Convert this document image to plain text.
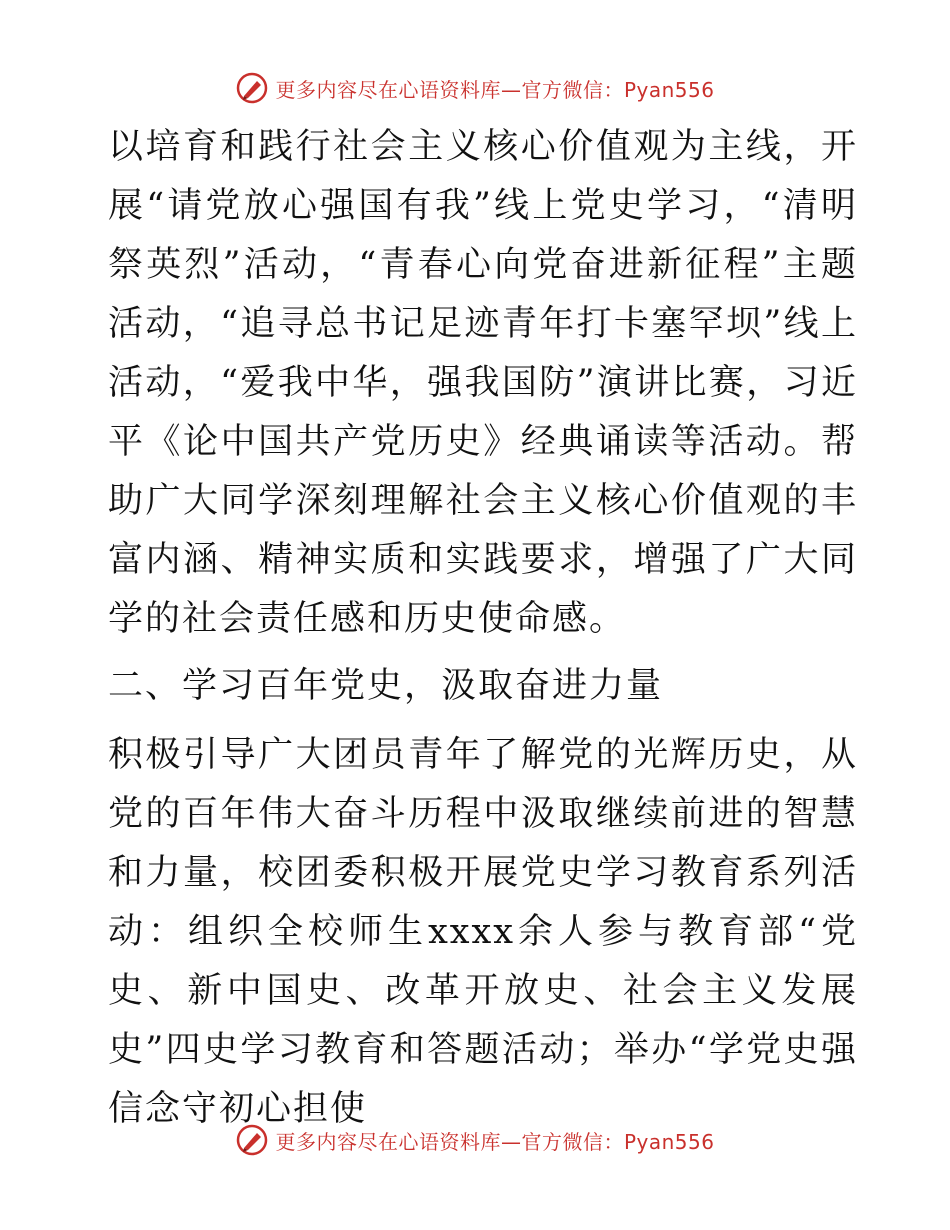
更多内容尽在心语资料库—官方微信：Pyan556

以培育和践行社会主义核心价值观为主线，开展“请党放心强国有我”线上党史学习，“清明祭英烈”活动，“青春心向党奋进新征程”主题活动，“追寻总书记足迹青年打卡塞罕坝”线上活动，“爱我中华，强我国防”演讲比赛，习近平《论中国共产党历史》经典诵读等活动。帮助广大同学深刻理解社会主义核心价值观的丰富内涵、精神实质和实践要求，增强了广大同学的社会责任感和历史使命感。

二、学习百年党史，汲取奋进力量

积极引导广大团员青年了解党的光辉历史，从党的百年伟大奋斗历程中汲取继续前进的智慧和力量，校团委积极开展党史学习教育系列活动：组织全校师生xxxx余人参与教育部“党史、新中国史、改革开放史、社会主义发展史”四史学习教育和答题活动；举办“学党史强信念守初心担使

更多内容尽在心语资料库—官方微信：Pyan556
